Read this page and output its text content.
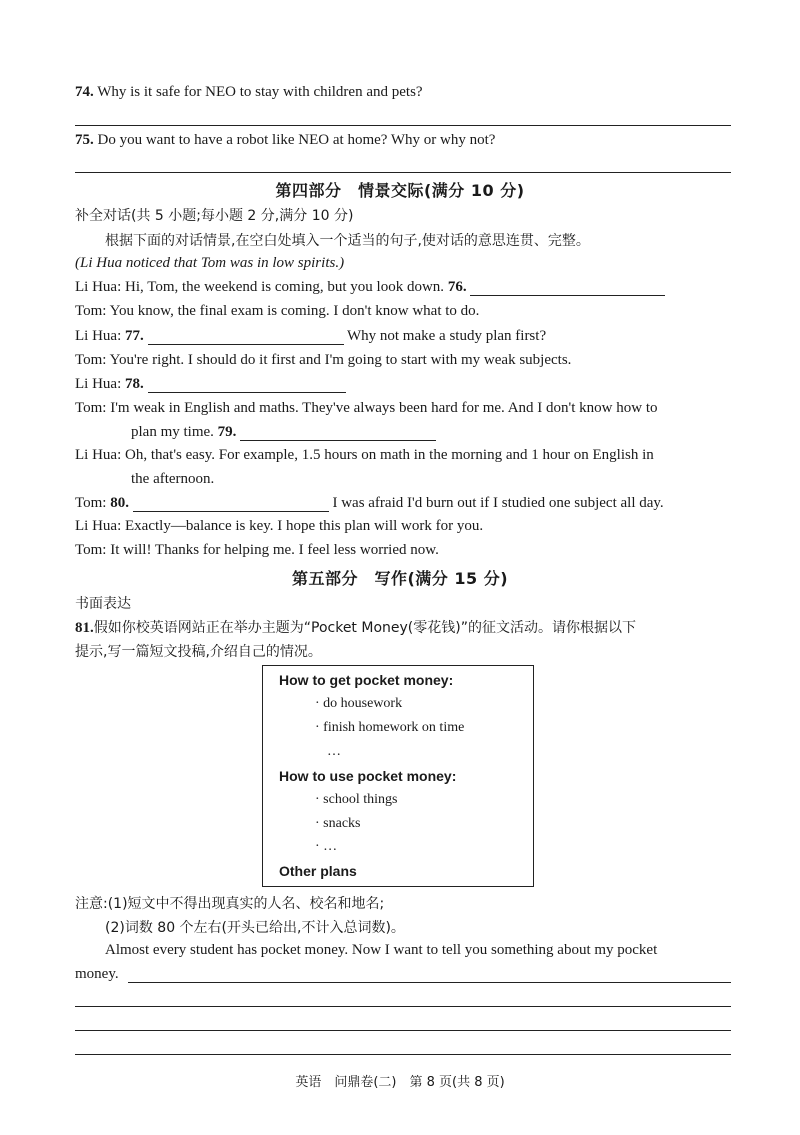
74. Why is it safe for NEO to stay with children and pets?
75. Do you want to have a robot like NEO at home? Why or why not?
第四部分　情景交际(满分 10 分)
补全对话(共 5 小题;每小题 2 分,满分 10 分)
根据下面的对话情景,在空白处填入一个适当的句子,使对话的意思连贯、完整。
(Li Hua noticed that Tom was in low spirits.)
Li Hua: Hi, Tom, the weekend is coming, but you look down. 76.
Tom: You know, the final exam is coming. I don't know what to do.
Li Hua: 77.	Why not make a study plan first?
Tom: You're right. I should do it first and I'm going to start with my weak subjects.
Li Hua: 78.
Tom: I'm weak in English and maths. They've always been hard for me. And I don't know how to
plan my time. 79.
Li Hua: Oh, that's easy. For example, 1.5 hours on math in the morning and 1 hour on English in
the afternoon.
Tom: 80.	I was afraid I'd burn out if I studied one subject all day.
Li Hua: Exactly—balance is key. I hope this plan will work for you.
Tom: It will! Thanks for helping me. I feel less worried now.
第五部分　写作(满分 15 分)
书面表达
81.假如你校英语网站正在举办主题为“Pocket Money(零花钱)”的征文活动。请你根据以下
提示,写一篇短文投稿,介绍自己的情况。
How to get pocket money:
· do housework
· finish homework on time
…
How to use pocket money:
· school things
· snacks
· …
Other plans
注意:(1)短文中不得出现真实的人名、校名和地名;
(2)词数 80 个左右(开头已给出,不计入总词数)。
Almost every student has pocket money. Now I want to tell you something about my pocket
money.
英语　问鼎卷(二)　第 8 页(共 8 页)
